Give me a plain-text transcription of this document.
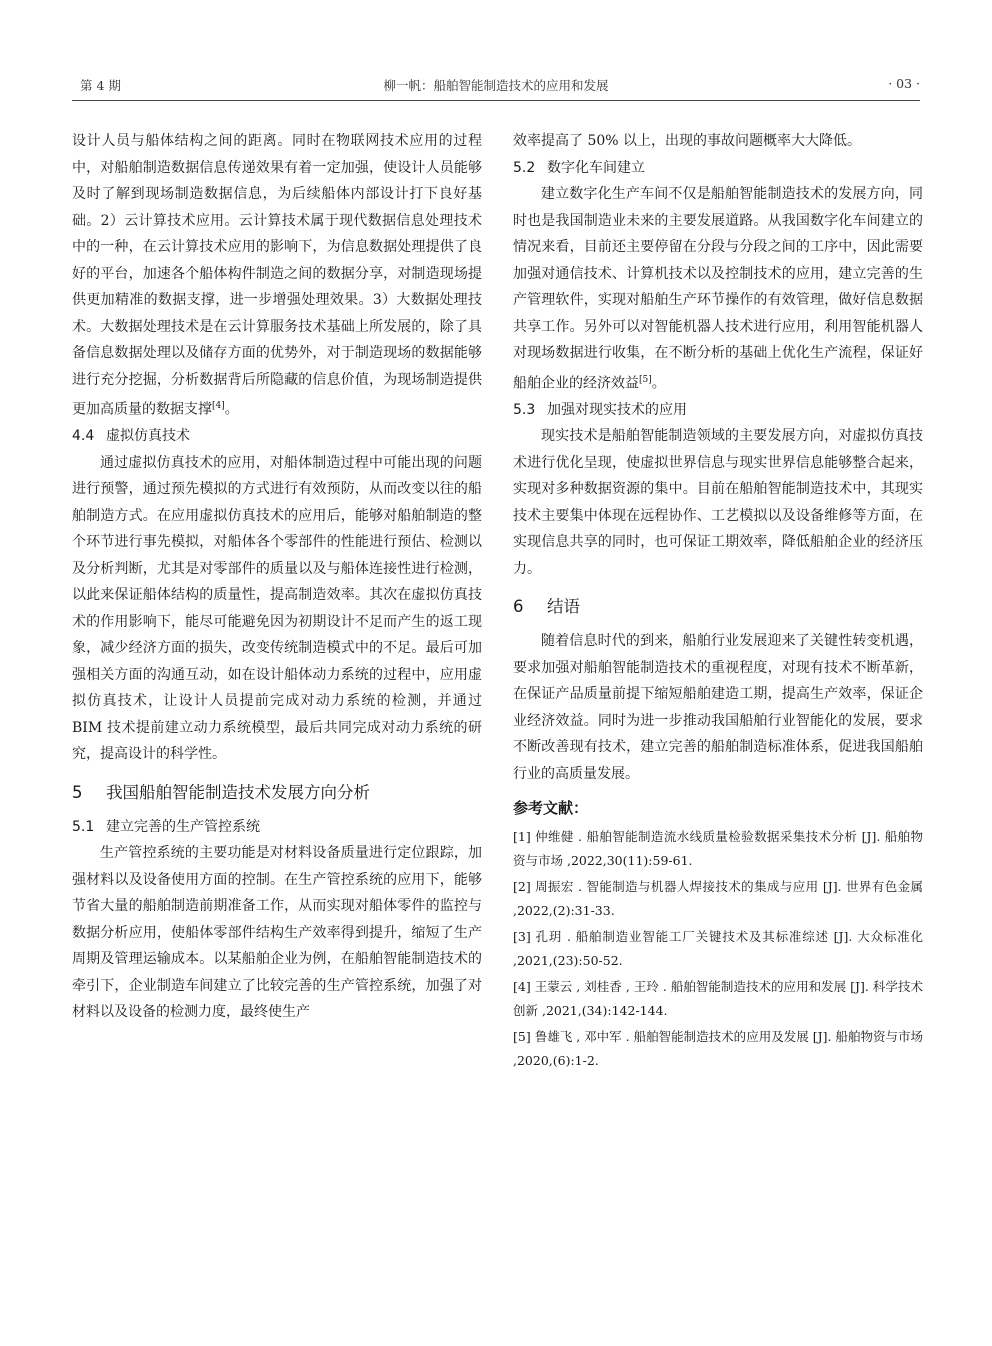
第 4 期	柳一帆：船舶智能制造技术的应用和发展	· 03 ·

设计人员与船体结构之间的距离。同时在物联网技术应用的过程中，对船舶制造数据信息传递效果有着一定加强，使设计人员能够及时了解到现场制造数据信息，为后续船体内部设计打下良好基础。2）云计算技术应用。云计算技术属于现代数据信息处理技术中的一种，在云计算技术应用的影响下，为信息数据处理提供了良好的平台，加速各个船体构件制造之间的数据分享，对制造现场提供更加精准的数据支撑，进一步增强处理效果。3）大数据处理技术。大数据处理技术是在云计算服务技术基础上所发展的，除了具备信息数据处理以及储存方面的优势外，对于制造现场的数据能够进行充分挖掘，分析数据背后所隐藏的信息价值，为现场制造提供更加高质量的数据支撑[4]。

4.4 虚拟仿真技术

通过虚拟仿真技术的应用，对船体制造过程中可能出现的问题进行预警，通过预先模拟的方式进行有效预防，从而改变以往的船舶制造方式。在应用虚拟仿真技术的应用后，能够对船舶制造的整个环节进行事先模拟，对船体各个零部件的性能进行预估、检测以及分析判断，尤其是对零部件的质量以及与船体连接性进行检测，以此来保证船体结构的质量性，提高制造效率。其次在虚拟仿真技术的作用影响下，能尽可能避免因为初期设计不足而产生的返工现象，减少经济方面的损失，改变传统制造模式中的不足。最后可加强相关方面的沟通互动，如在设计船体动力系统的过程中，应用虚拟仿真技术，让设计人员提前完成对动力系统的检测，并通过 BIM 技术提前建立动力系统模型，最后共同完成对动力系统的研究，提高设计的科学性。

5 我国船舶智能制造技术发展方向分析
5.1 建立完善的生产管控系统

生产管控系统的主要功能是对材料设备质量进行定位跟踪，加强材料以及设备使用方面的控制。在生产管控系统的应用下，能够节省大量的船舶制造前期准备工作，从而实现对船体零件的监控与数据分析应用，使船体零部件结构生产效率得到提升，缩短了生产周期及管理运输成本。以某船舶企业为例，在船舶智能制造技术的牵引下，企业制造车间建立了比较完善的生产管控系统，加强了对材料以及设备的检测力度，最终使生产

效率提高了 50% 以上，出现的事故问题概率大大降低。

5.2 数字化车间建立

建立数字化生产车间不仅是船舶智能制造技术的发展方向，同时也是我国制造业未来的主要发展道路。从我国数字化车间建立的情况来看，目前还主要停留在分段与分段之间的工序中，因此需要加强对通信技术、计算机技术以及控制技术的应用，建立完善的生产管理软件，实现对船舶生产环节操作的有效管理，做好信息数据共享工作。另外可以对智能机器人技术进行应用，利用智能机器人对现场数据进行收集，在不断分析的基础上优化生产流程，保证好船舶企业的经济效益[5]。

5.3 加强对现实技术的应用

现实技术是船舶智能制造领域的主要发展方向，对虚拟仿真技术进行优化呈现，使虚拟世界信息与现实世界信息能够整合起来，实现对多种数据资源的集中。目前在船舶智能制造技术中，其现实技术主要集中体现在远程协作、工艺模拟以及设备维修等方面，在实现信息共享的同时，也可保证工期效率，降低船舶企业的经济压力。

6 结语

随着信息时代的到来，船舶行业发展迎来了关键性转变机遇，要求加强对船舶智能制造技术的重视程度，对现有技术不断革新，在保证产品质量前提下缩短船舶建造工期，提高生产效率，保证企业经济效益。同时为进一步推动我国船舶行业智能化的发展，要求不断改善现有技术，建立完善的船舶制造标准体系，促进我国船舶行业的高质量发展。

参考文献：

[1] 仲维健 . 船舶智能制造流水线质量检验数据采集技术分析 [J]. 船舶物资与市场 ,2022,30(11):59-61.

[2] 周振宏 . 智能制造与机器人焊接技术的集成与应用 [J]. 世界有色金属 ,2022,(2):31-33.

[3] 孔玥 . 船舶制造业智能工厂关键技术及其标准综述 [J]. 大众标准化 ,2021,(23):50-52.

[4] 王蒙云 , 刘桂香 , 王玲 . 船舶智能制造技术的应用和发展 [J]. 科学技术创新 ,2021,(34):142-144.

[5] 鲁雄飞 , 邓中军 . 船舶智能制造技术的应用及发展 [J]. 船舶物资与市场 ,2020,(6):1-2.
